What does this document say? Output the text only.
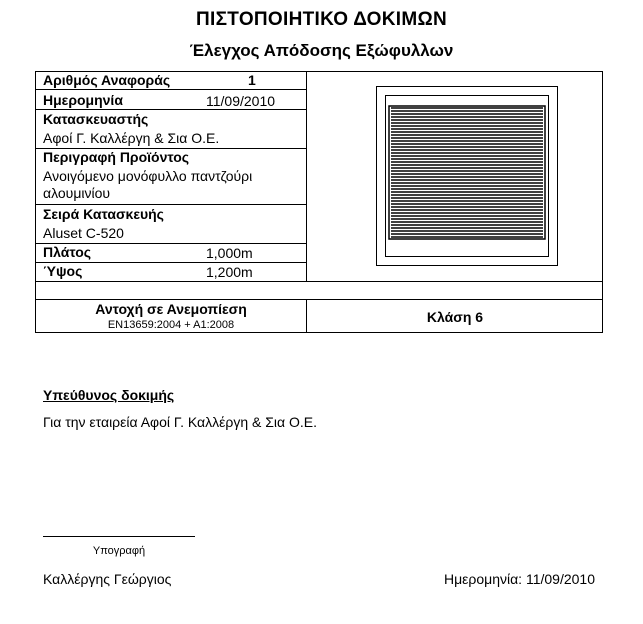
ΠΙΣΤΟΠΟΙΗΤΙΚΟ ΔΟΚΙΜΩΝ
Έλεγχος Απόδοσης Εξώφυλλων
Αριθμός Αναφοράς	1
Ημερομηνία	11/09/2010
Κατασκευαστής
Αφοί Γ. Καλλέργη & Σια Ο.Ε.
Περιγραφή Προϊόντος
Ανοιγόμενο μονόφυλλο παντζούρι αλουμινίου
Σειρά Κατασκευής
Aluset C-520
Πλάτος	1,000m
Ύψος	1,200m
Αντοχή σε Ανεμοπίεση
EN13659:2004 + A1:2008	Κλάση 6
Υπεύθυνος δοκιμής
Για την εταιρεία Αφοί Γ. Καλλέργη & Σια Ο.Ε.
Υπογραφή
Καλλέργης Γεώργιος	Ημερομηνία: 11/09/2010
